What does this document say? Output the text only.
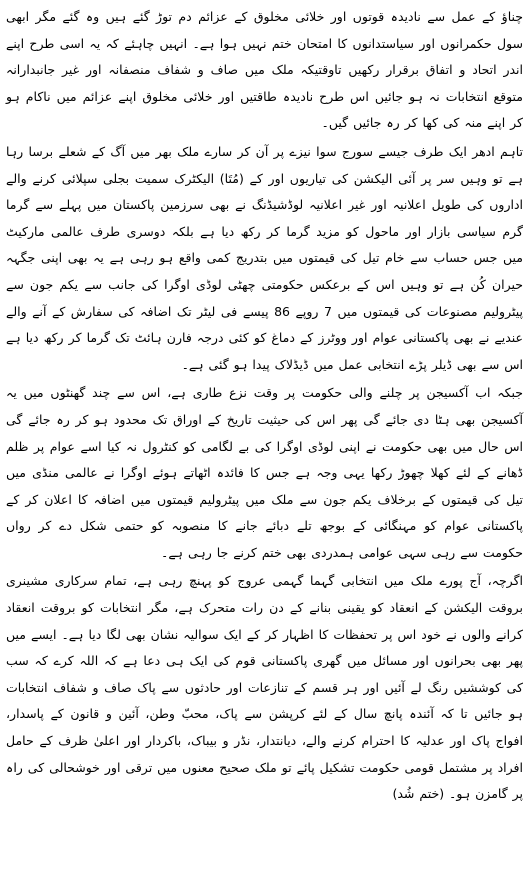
چناؤ کے عمل سے نادیدہ قوتوں اور خلائی مخلوق کے عزائم دم توڑ گئے ہیں وہ گئے مگر ابھی سول حکمرانوں اور سیاستدانوں کا امتحان ختم نہیں ہوا ہے۔ انہیں چاہئے کہ یہ اسی طرح اپنے اندر اتحاد و اتفاق برقرار رکھیں تاوقتیکہ ملک میں صاف و شفاف منصفانہ اور غیر جانبدارانہ متوقع انتخابات نہ ہو جائیں اس طرح نادیدہ طاقتیں اور خلائی مخلوق اپنے عزائم میں ناکام ہو کر اپنے منہ کی کھا کر رہ جائیں گیں۔

تاہم ادھر ایک طرف جیسے سورج سوا نیزے پر آن کر سارے ملک بھر میں آگ کے شعلے برسا رہا ہے تو وہیں سر پر آئی الیکشن کی تیاریوں اور کے (مُتَا) الیکٹرک سمیت بجلی سپلائی کرنے والے اداروں کی طویل اعلانیہ اور غیر اعلانیہ لوڈشیڈنگ نے بھی سرزمین پاکستان میں پہلے سے گرما گرم سیاسی بازار اور ماحول کو مزید گرما کر رکھ دیا ہے بلکہ دوسری طرف عالمی مارکیٹ میں جس حساب سے خام تیل کی قیمتوں میں بتدریج کمی واقع ہو رہی ہے یہ بھی اپنی جگہہ حیران کُن ہے تو وہیں اس کے برعکس حکومتی چھٹی لوڈی اوگرا کی جانب سے یکم جون سے پیٹرولیم مصنوعات کی قیمتوں میں 7 روپے 86 پیسے فی لیٹر تک اضافہ کی سفارش کے آنے والے عندیے نے بھی پاکستانی عوام اور ووٹرز کے دماغ کو کئی درجہ فارن ہائٹ تک گرما کر رکھ دیا ہے اس سے بھی ڈیلر پڑے انتخابی عمل میں ڈیڈلاک پیدا ہو گئی ہے۔

جبکہ اب آکسیجن پر چلنے والی حکومت پر وقت نزع طاری ہے، اس سے چند گھنٹوں میں یہ آکسیجن بھی ہٹا دی جائے گی پھر اس کی حیثیت تاریخ کے اوراق تک محدود ہو کر رہ جائے گی اس حال میں بھی حکومت نے اپنی لوڈی اوگرا کی بے لگامی کو کنٹرول نہ کیا اسے عوام پر ظلم ڈھانے کے لئے کھلا چھوڑ رکھا یہی وجہ ہے جس کا فائدہ اٹھاتے ہوئے اوگرا نے عالمی منڈی میں تیل کی قیمتوں کے برخلاف یکم جون سے ملک میں پیٹرولیم قیمتوں میں اضافہ کا اعلان کر کے پاکستانی عوام کو مہنگائی کے بوجھ تلے دبائے جانے کا منصوبہ کو حتمی شکل دے کر رواں حکومت سے رہی سہی عوامی ہمدردی بھی ختم کرنے جا رہی ہے۔

اگرچہ، آج پورے ملک میں انتخابی گہما گہمی عروج کو پہنچ رہی ہے، تمام سرکاری مشینری بروقت الیکشن کے انعقاد کو یقینی بنانے کے دن رات متحرک ہے، مگر انتخابات کو بروقت انعقاد کرانے والوں نے خود اس پر تحفظات کا اظہار کر کے ایک سوالیہ نشان بھی لگا دیا ہے۔ ایسے میں پھر بھی بحرانوں اور مسائل میں گھری پاکستانی قوم کی ایک ہی دعا ہے کہ اللہ کرے کہ سب کی کوششیں رنگ لے آئیں اور ہر قسم کے تنازعات اور حادثوں سے پاک صاف و شفاف انتخابات ہو جائیں تا کہ آئندہ پانچ سال کے لئے کرپشن سے پاک، محبّ وطن، آئین و قانون کے پاسدار، افواج پاک اور عدلیہ کا احترام کرنے والے، دیانتدار، نڈر و بیباک، باکردار اور اعلیٰ ظرف کے حامل افراد پر مشتمل قومی حکومت تشکیل پائے تو ملک صحیح معنوں میں ترقی اور خوشحالی کی راہ پر گامزن ہو۔ (ختم شُد)
